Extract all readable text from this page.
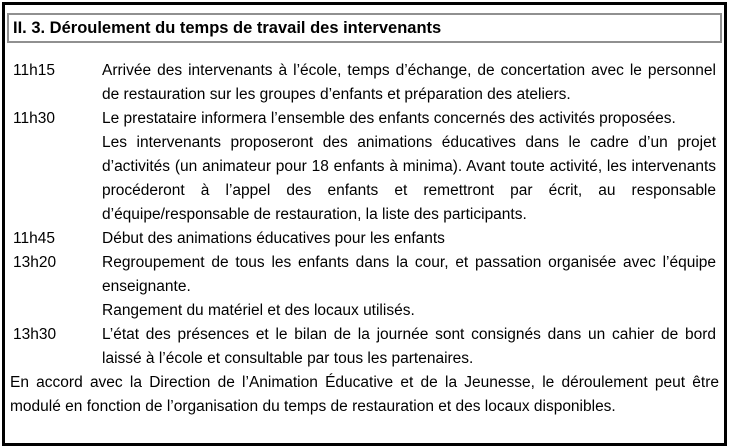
II. 3. Déroulement du temps de travail des intervenants
11h15	Arrivée des intervenants à l’école, temps d’échange, de concertation avec le personnel de restauration sur les groupes d’enfants et préparation des ateliers.

11h30	Le prestataire informera l’ensemble des enfants concernés des activités proposées.

Les intervenants proposeront des animations éducatives dans le cadre d’un projet d’activités (un animateur pour 18 enfants à minima). Avant toute activité, les intervenants procéderont à l’appel des enfants et remettront par écrit, au responsable d’équipe/responsable de restauration, la liste des participants.

11h45	Début des animations éducatives pour les enfants

13h20	Regroupement de tous les enfants dans la cour, et passation organisée avec l’équipe enseignante.

Rangement du matériel et des locaux utilisés.

13h30	L’état des présences et le bilan de la journée sont consignés dans un cahier de bord laissé à l’école et consultable par tous les partenaires.

En accord avec la Direction de l’Animation Éducative et de la Jeunesse, le déroulement peut être modulé en fonction de l’organisation du temps de restauration et des locaux disponibles.
